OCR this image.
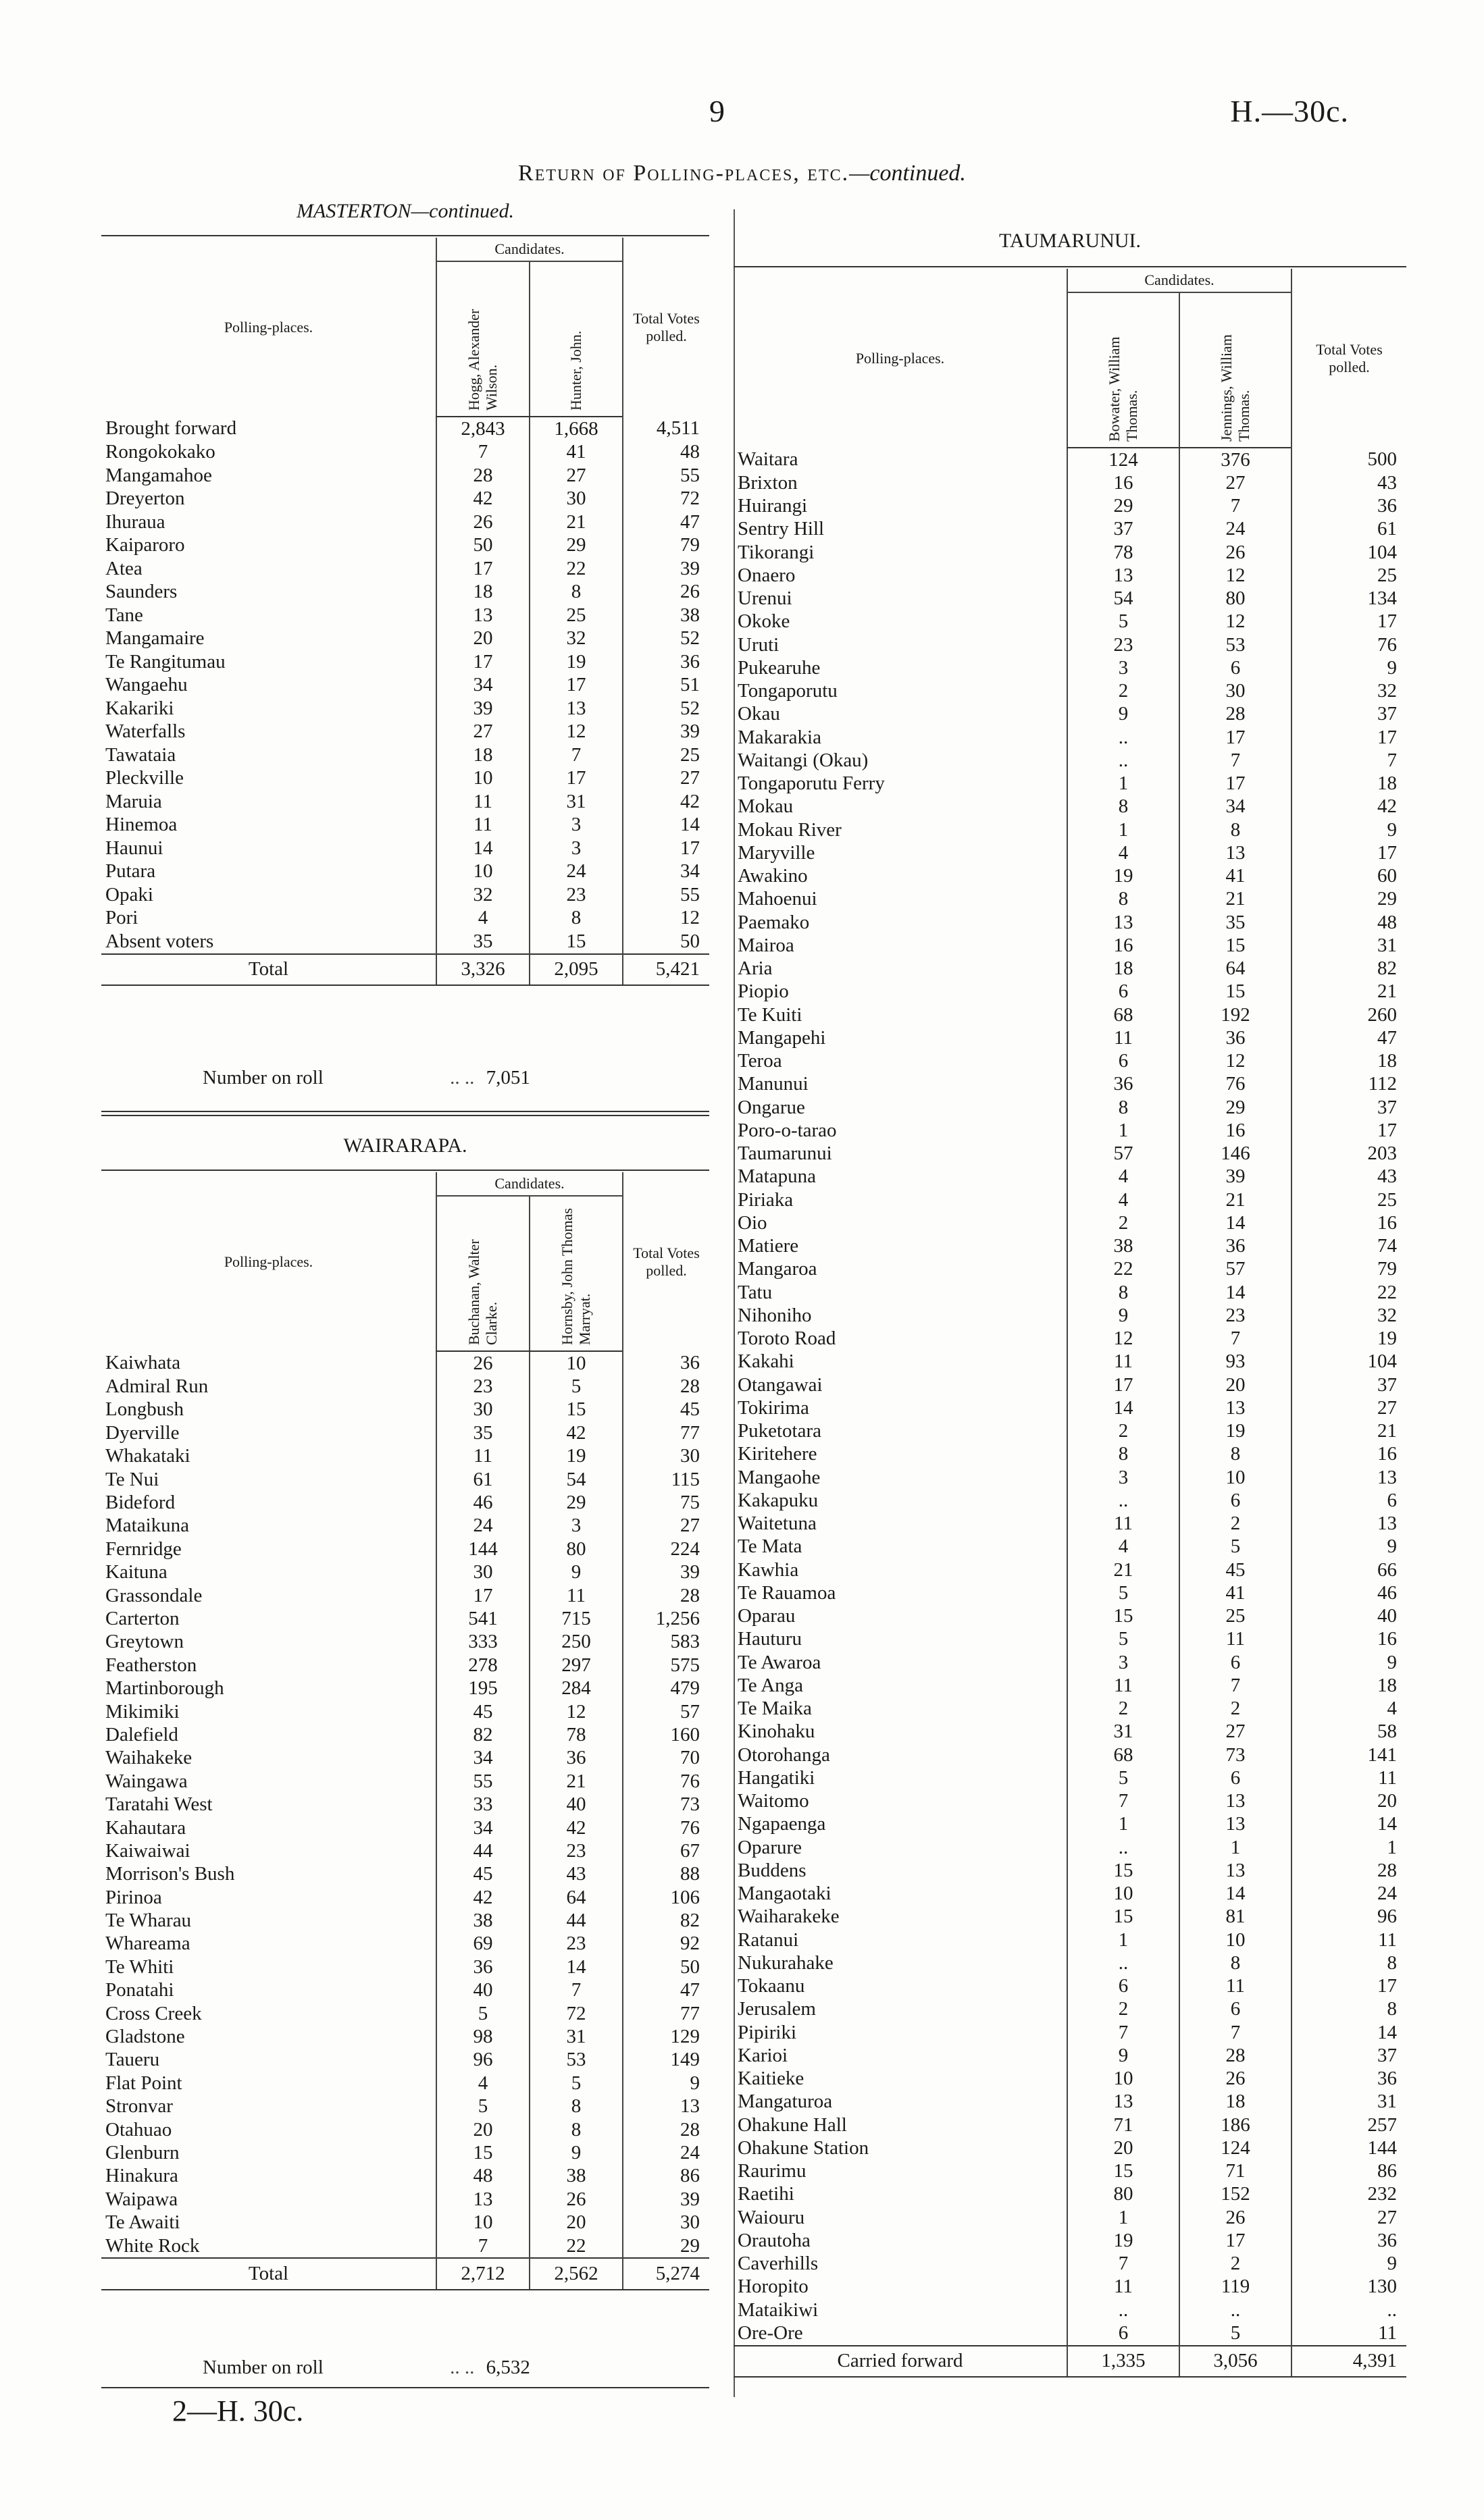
9	H.—30c.
Return of Polling-places, etc.—continued.
MASTERTON—continued.
Polling-places.	Candidates.		Total Votes polled.

	Hogg, Alexander Wilson.	Hunter, John.	

Brought forward	2,843	1,668	4,511
Rongokokako	7	41	48
Mangamahoe	28	27	55
Dreyerton	42	30	72
Ihuraua	26	21	47
Kaiparoro	50	29	79
Atea	17	22	39
Saunders	18	8	26
Tane	13	25	38
Mangamaire	20	32	52
Te Rangitumau	17	19	36
Wangaehu	34	17	51
Kakariki	39	13	52
Waterfalls	27	12	39
Tawataia	18	7	25
Pleckville	10	17	27
Maruia	11	31	42
Hinemoa	11	3	14
Haunui	14	3	17
Putara	10	24	34
Opaki	32	23	55
Pori	4	8	12
Absent voters	35	15	50
Total	3,326	2,095	5,421
Number on roll	.. .. 7,051
WAIRARAPA.
Polling-places.	Candidates.		Total Votes polled.

	Buchanan, Walter Clarke.	Hornsby, John Thomas Marryat.	

Kaiwhata	26	10	36
Admiral Run	23	5	28
Longbush	30	15	45
Dyerville	35	42	77
Whakataki	11	19	30
Te Nui	61	54	115
Bideford	46	29	75
Mataikuna	24	3	27
Fernridge	144	80	224
Kaituna	30	9	39
Grassondale	17	11	28
Carterton	541	715	1,256
Greytown	333	250	583
Featherston	278	297	575
Martinborough	195	284	479
Mikimiki	45	12	57
Dalefield	82	78	160
Waihakeke	34	36	70
Waingawa	55	21	76
Taratahi West	33	40	73
Kahautara	34	42	76
Kaiwaiwai	44	23	67
Morrison's Bush	45	43	88
Pirinoa	42	64	106
Te Wharau	38	44	82
Whareama	69	23	92
Te Whiti	36	14	50
Ponatahi	40	7	47
Cross Creek	5	72	77
Gladstone	98	31	129
Taueru	96	53	149
Flat Point	4	5	9
Stronvar	5	8	13
Otahuao	20	8	28
Glenburn	15	9	24
Hinakura	48	38	86
Waipawa	13	26	39
Te Awaiti	10	20	30
White Rock	7	22	29
Total	2,712	2,562	5,274
Number on roll	.. .. 6,532
TAUMARUNUI.
Polling-places.	Candidates.		Total Votes polled.

	Bowater, William Thomas.	Jennings, William Thomas.	

Waitara	124	376	500
Brixton	16	27	43
Huirangi	29	7	36
Sentry Hill	37	24	61
Tikorangi	78	26	104
Onaero	13	12	25
Urenui	54	80	134
Okoke	5	12	17
Uruti	23	53	76
Pukearuhe	3	6	9
Tongaporutu	2	30	32
Okau	9	28	37
Makarakia	..	17	17
Waitangi (Okau)	..	7	7
Tongaporutu Ferry	1	17	18
Mokau	8	34	42
Mokau River	1	8	9
Maryville	4	13	17
Awakino	19	41	60
Mahoenui	8	21	29
Paemako	13	35	48
Mairoa	16	15	31
Aria	18	64	82
Piopio	6	15	21
Te Kuiti	68	192	260
Mangapehi	11	36	47
Teroa	6	12	18
Manunui	36	76	112
Ongarue	8	29	37
Poro-o-tarao	1	16	17
Taumarunui	57	146	203
Matapuna	4	39	43
Piriaka	4	21	25
Oio	2	14	16
Matiere	38	36	74
Mangaroa	22	57	79
Tatu	8	14	22
Nihoniho	9	23	32
Toroto Road	12	7	19
Kakahi	11	93	104
Otangawai	17	20	37
Tokirima	14	13	27
Puketotara	2	19	21
Kiritehere	8	8	16
Mangaohe	3	10	13
Kakapuku	..	6	6
Waitetuna	11	2	13
Te Mata	4	5	9
Kawhia	21	45	66
Te Rauamoa	5	41	46
Oparau	15	25	40
Hauturu	5	11	16
Te Awaroa	3	6	9
Te Anga	11	7	18
Te Maika	2	2	4
Kinohaku	31	27	58
Otorohanga	68	73	141
Hangatiki	5	6	11
Waitomo	7	13	20
Ngapaenga	1	13	14
Oparure	..	1	1
Buddens	15	13	28
Mangaotaki	10	14	24
Waiharakeke	15	81	96
Ratanui	1	10	11
Nukurahake	..	8	8
Tokaanu	6	11	17
Jerusalem	2	6	8
Pipiriki	7	7	14
Karioi	9	28	37
Kaitieke	10	26	36
Mangaturoa	13	18	31
Ohakune Hall	71	186	257
Ohakune Station	20	124	144
Raurimu	15	71	86
Raetihi	80	152	232
Waiouru	1	26	27
Orautoha	19	17	36
Caverhills	7	2	9
Horopito	11	119	130
Mataikiwi	..	..	..
Ore-Ore	6	5	11
Carried forward	1,335	3,056	4,391
2—H. 30c.
